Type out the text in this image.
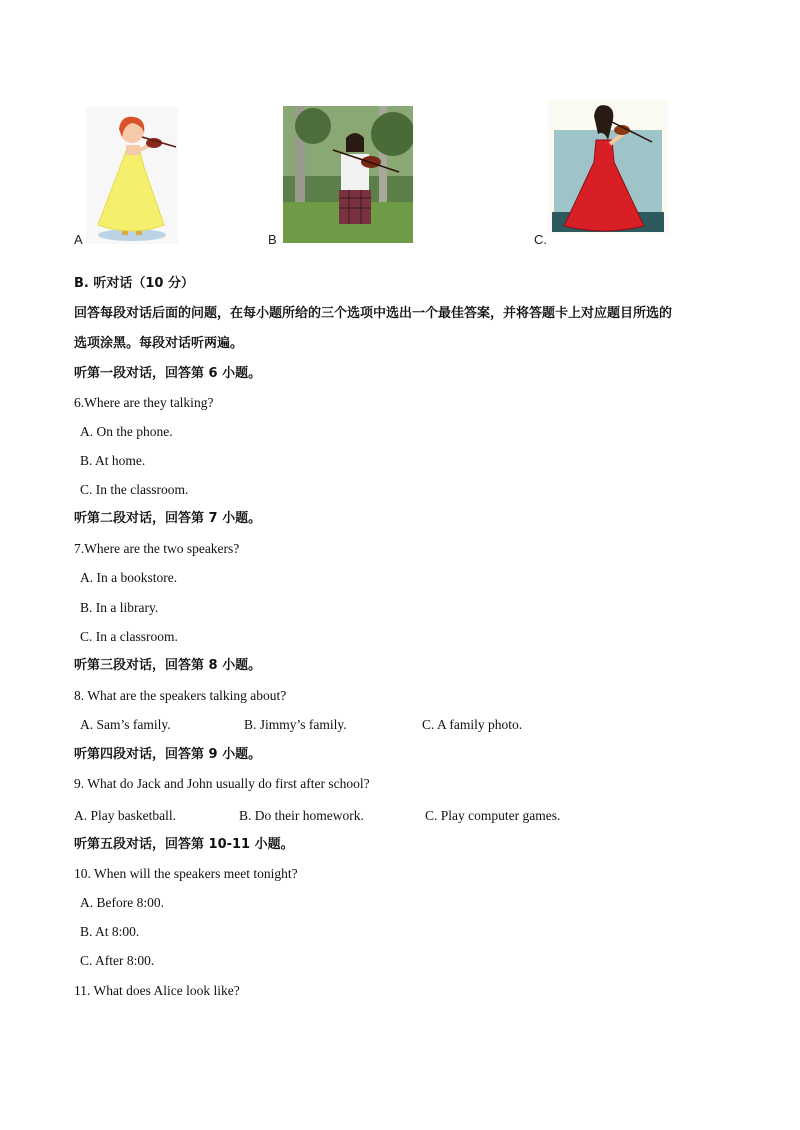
A	B	C.
B. 听对话（10 分）
回答每段对话后面的问题，在每小题所给的三个选项中选出一个最佳答案，并将答题卡上对应题目所选的
选项涂黑。每段对话听两遍。
听第一段对话，回答第 6 小题。
6.Where are they talking?
A. On the phone.
B. At home.
C. In the classroom.
听第二段对话，回答第 7 小题。
7.Where are the two speakers?
A. In a bookstore.
B. In a library.
C. In a classroom.
听第三段对话，回答第 8 小题。
8. What are the speakers talking about?
A. Sam’s family.	B. Jimmy’s family.	C. A family photo.
听第四段对话，回答第 9 小题。
9. What do Jack and John usually do first after school?
A. Play basketball.	B. Do their homework.	C. Play computer games.
听第五段对话，回答第 10-11 小题。
10. When will the speakers meet tonight?
A. Before 8:00.
B. At 8:00.
C. After 8:00.
11. What does Alice look like?
